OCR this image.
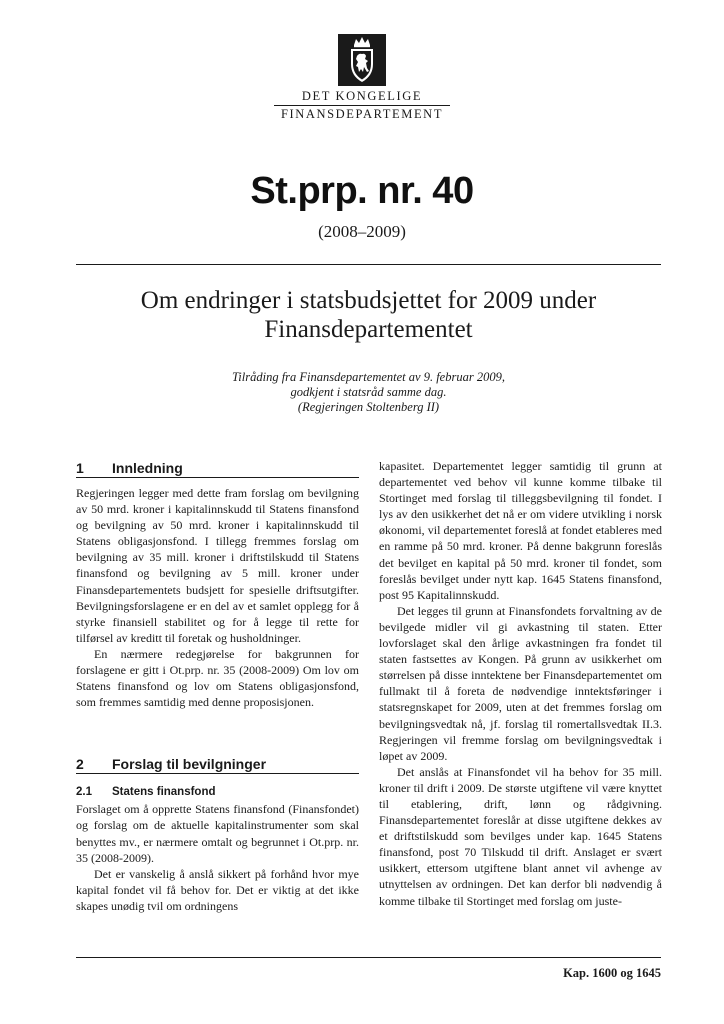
DET KONGELIGE
FINANSDEPARTEMENT
St.prp. nr. 40
(2008–2009)
Om endringer i statsbudsjettet for 2009 under
Finansdepartementet
Tilråding fra Finansdepartementet av 9. februar 2009,
godkjent i statsråd samme dag.
(Regjeringen Stoltenberg II)
1	Innledning

Regjeringen legger med dette fram forslag om bevilgning av 50 mrd. kroner i kapitalinnskudd til Statens finansfond og bevilgning av 50 mrd. kroner i kapitalinnskudd til Statens obligasjonsfond. I tillegg fremmes forslag om bevilgning av 35 mill. kroner i driftstilskudd til Statens finansfond og bevilgning av 5 mill. kroner under Finansdepartementets budsjett for spesielle driftsutgifter. Bevilgningsforslagene er en del av et samlet opplegg for å styrke finansiell stabilitet og for å legge til rette for tilførsel av kreditt til foretak og husholdninger.

En nærmere redegjørelse for bakgrunnen for forslagene er gitt i Ot.prp. nr. 35 (2008-2009) Om lov om Statens finansfond og lov om Statens obligasjonsfond, som fremmes samtidig med denne proposisjonen.

2	Forslag til bevilgninger
2.1	Statens finansfond

Forslaget om å opprette Statens finansfond (Finansfondet) og forslag om de aktuelle kapitalinstrumenter som skal benyttes mv., er nærmere omtalt og begrunnet i Ot.prp. nr. 35 (2008-2009).

Det er vanskelig å anslå sikkert på forhånd hvor mye kapital fondet vil få behov for. Det er viktig at det ikke skapes unødig tvil om ordningens

kapasitet. Departementet legger samtidig til grunn at departementet ved behov vil kunne komme tilbake til Stortinget med forslag til tilleggsbevilgning til fondet. I lys av den usikkerhet det nå er om videre utvikling i norsk økonomi, vil departementet foreslå at fondet etableres med en ramme på 50 mrd. kroner. På denne bakgrunn foreslås det bevilget en kapital på 50 mrd. kroner til fondet, som foreslås bevilget under nytt kap. 1645 Statens finansfond, post 95 Kapitalinnskudd.

Det legges til grunn at Finansfondets forvaltning av de bevilgede midler vil gi avkastning til staten. Etter lovforslaget skal den årlige avkastningen fra fondet til staten fastsettes av Kongen. På grunn av usikkerhet om størrelsen på disse inntektene ber Finansdepartementet om fullmakt til å foreta de nødvendige inntektsføringer i statsregnskapet for 2009, uten at det fremmes forslag om bevilgningsvedtak nå, jf. forslag til romertallsvedtak II.3. Regjeringen vil fremme forslag om bevilgningsvedtak i løpet av 2009.

Det anslås at Finansfondet vil ha behov for 35 mill. kroner til drift i 2009. De største utgiftene vil være knyttet til etablering, drift, lønn og rådgivning. Finansdepartementet foreslår at disse utgiftene dekkes av et driftstilskudd som bevilges under kap. 1645 Statens finansfond, post 70 Tilskudd til drift. Anslaget er svært usikkert, ettersom utgiftene blant annet vil avhenge av utnyttelsen av ordningen. Det kan derfor bli nødvendig å komme tilbake til Stortinget med forslag om juste-

Kap. 1600 og 1645
